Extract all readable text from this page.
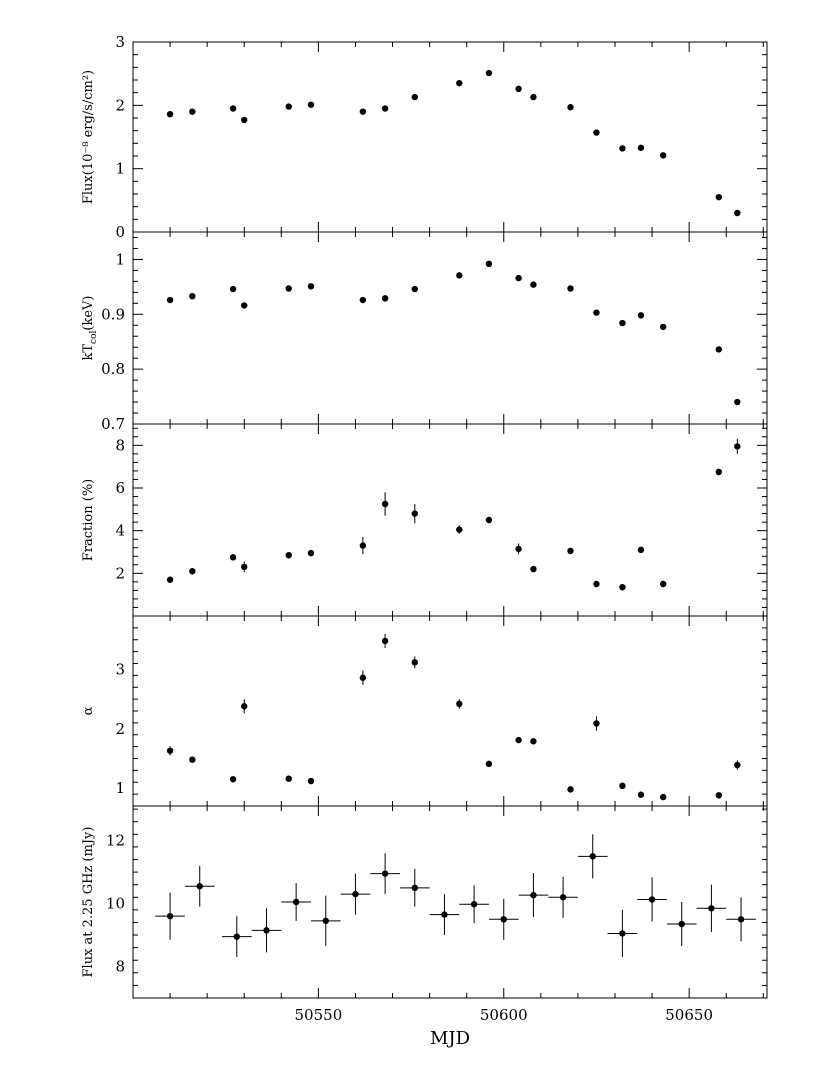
0
1
2
3
Flux(10⁻⁸ erg/s/cm²)
0.7
0.8
0.9
1
$kT_{col}(keV)$
2
4
6
8
Fraction (%)
1
2
3
α
8
10
12
Flux at 2.25 GHz (mJy)
50550	50600	50650
MJD
